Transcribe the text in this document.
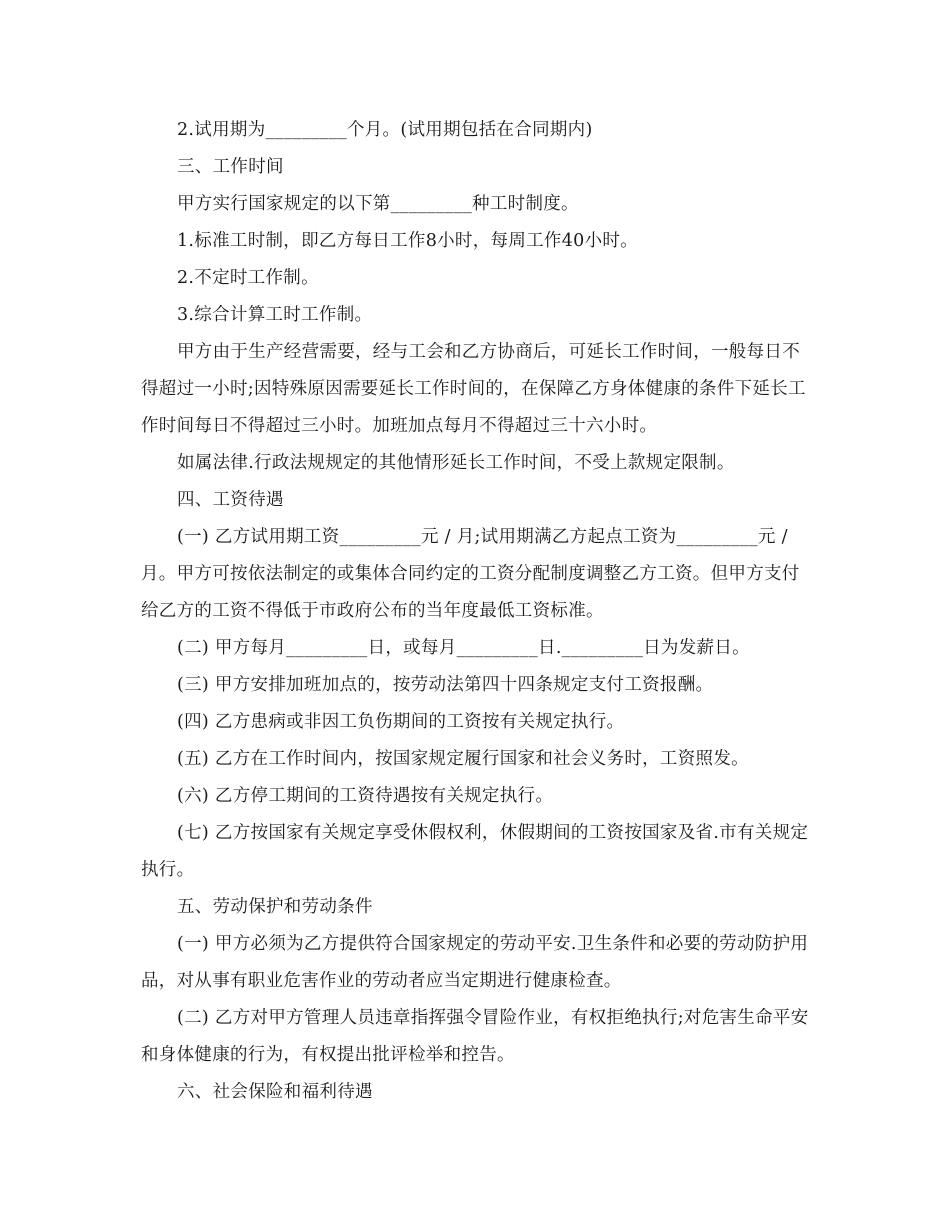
2.试用期为_________个月。(试用期包括在合同期内)

三、工作时间

甲方实行国家规定的以下第_________种工时制度。

1.标准工时制，即乙方每日工作8小时，每周工作40小时。

2.不定时工作制。

3.综合计算工时工作制。

甲方由于生产经营需要，经与工会和乙方协商后，可延长工作时间，一般每日不得超过一小时;因特殊原因需要延长工作时间的，在保障乙方身体健康的条件下延长工作时间每日不得超过三小时。加班加点每月不得超过三十六小时。

如属法律.行政法规规定的其他情形延长工作时间，不受上款规定限制。

四、工资待遇

(一) 乙方试用期工资_________元 / 月;试用期满乙方起点工资为_________元 / 月。甲方可按依法制定的或集体合同约定的工资分配制度调整乙方工资。但甲方支付给乙方的工资不得低于市政府公布的当年度最低工资标准。

(二) 甲方每月_________日，或每月_________日._________日为发薪日。

(三) 甲方安排加班加点的，按劳动法第四十四条规定支付工资报酬。

(四) 乙方患病或非因工负伤期间的工资按有关规定执行。

(五) 乙方在工作时间内，按国家规定履行国家和社会义务时，工资照发。

(六) 乙方停工期间的工资待遇按有关规定执行。

(七) 乙方按国家有关规定享受休假权利，休假期间的工资按国家及省.市有关规定执行。

五、劳动保护和劳动条件

(一) 甲方必须为乙方提供符合国家规定的劳动平安.卫生条件和必要的劳动防护用品，对从事有职业危害作业的劳动者应当定期进行健康检查。

(二) 乙方对甲方管理人员违章指挥强令冒险作业，有权拒绝执行;对危害生命平安和身体健康的行为，有权提出批评检举和控告。

六、社会保险和福利待遇
